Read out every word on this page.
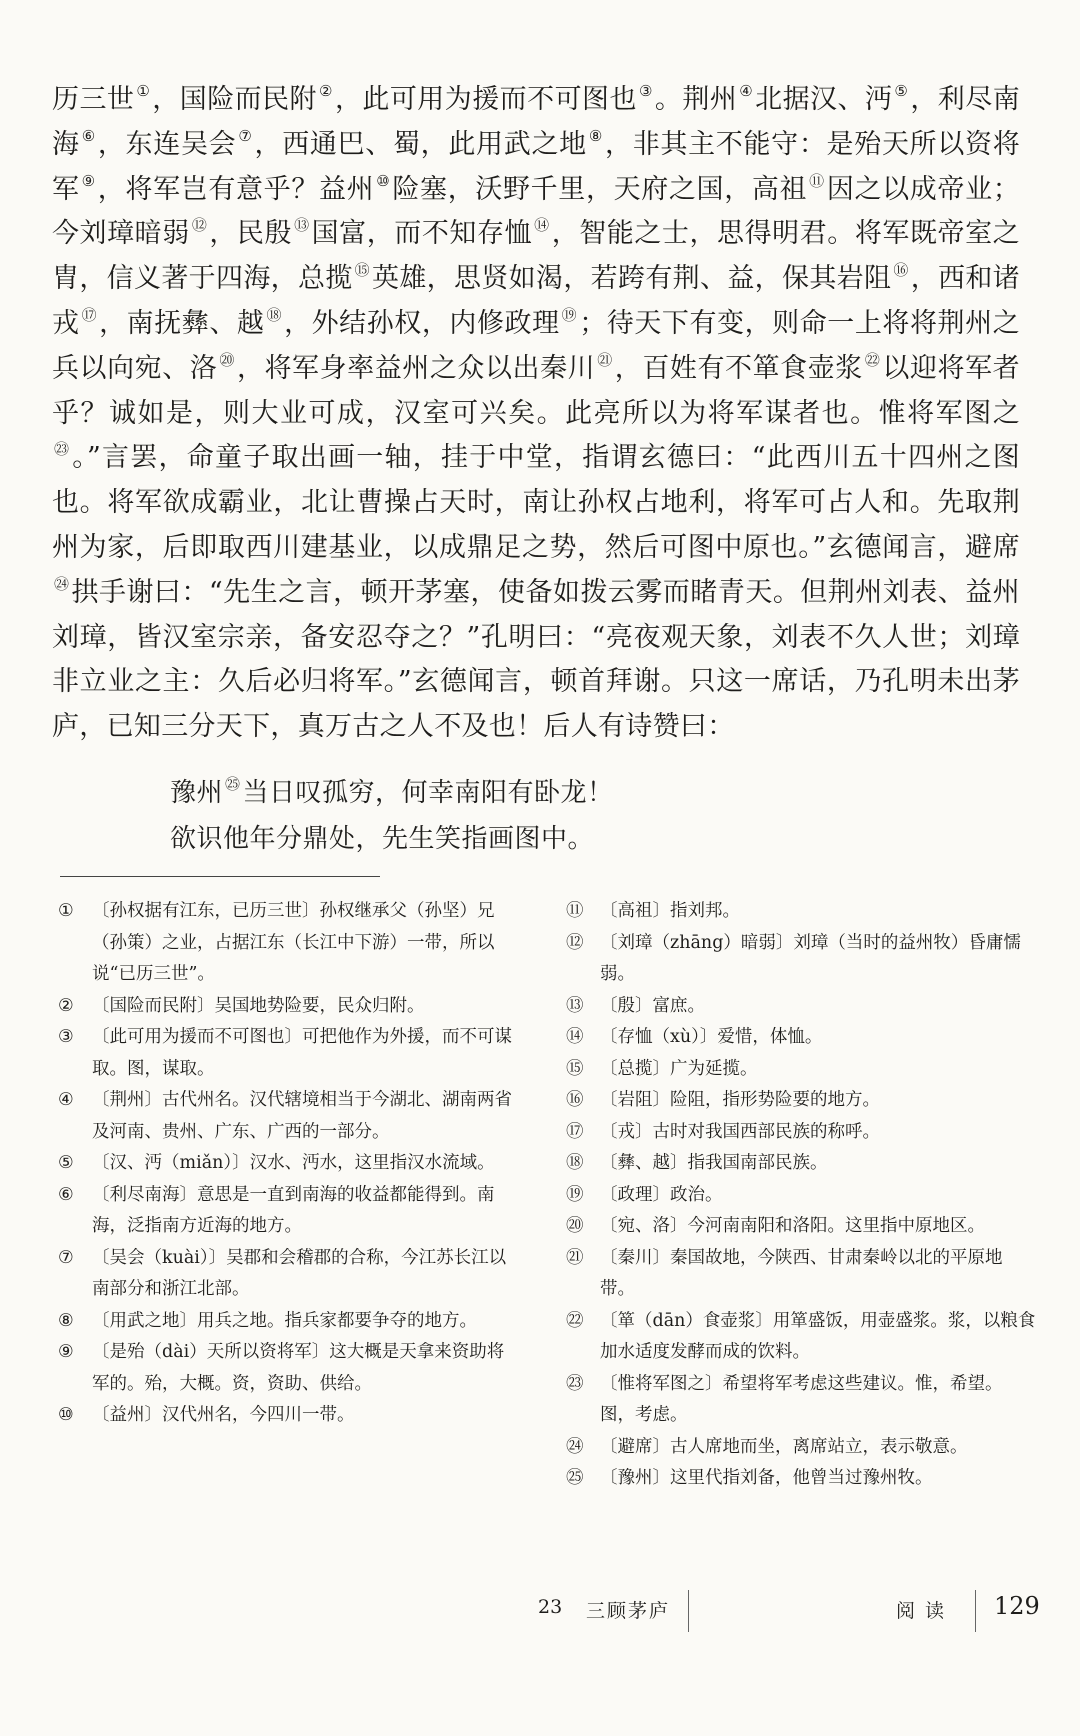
历三世 ①，国险而民附 ②，此可用为援而不可图也 ③。荆州 ④北据汉、沔 ⑤，利尽南海 ⑥，东连吴会 ⑦，西通巴、蜀，此用武之地 ⑧，非其主不能守：是殆天所以资将军 ⑨，将军岂有意乎？益州 ⑩险塞，沃野千里，天府之国，高祖 ⑪因之以成帝业；今刘璋暗弱 ⑫，民殷 ⑬国富，而不知存恤 ⑭，智能之士，思得明君。将军既帝室之胄，信义著于四海，总揽 ⑮英雄，思贤如渴，若跨有荆、益，保其岩阻 ⑯，西和诸戎 ⑰，南抚彝、越 ⑱，外结孙权，内修政理 ⑲；待天下有变，则命一上将将荆州之兵以向宛、洛 ⑳，将军身率益州之众以出秦川 $^㉑$，百姓有不箪食壶浆 $^㉒$以迎将军者乎？诚如是，则大业可成，汉室可兴矣。此亮所以为将军谋者也。惟将军图之$^㉓$。”言罢，命童子取出画一轴，挂于中堂，指谓玄德曰：“此西川五十四州之图也。将军欲成霸业，北让曹操占天时，南让孙权占地利，将军可占人和。先取荆州为家，后即取西川建基业，以成鼎足之势，然后可图中原也。”玄德闻言，避席$^㉔$拱手谢曰：“先生之言，顿开茅塞，使备如拨云雾而睹青天。但荆州刘表、益州刘璋，皆汉室宗亲，备安忍夺之？”孔明曰：“亮夜观天象，刘表不久人世；刘璋非立业之主：久后必归将军。”玄德闻言，顿首拜谢。只这一席话，乃孔明未出茅庐，已知三分天下，真万古之人不及也！后人有诗赞曰：

豫州 $^㉕$当日叹孤穷，何幸南阳有卧龙！
欲识他年分鼎处，先生笑指画图中。
① 〔孙权据有江东，已历三世〕孙权继承父（孙坚）兄（孙策）之业，占据江东（长江中下游）一带，所以说“已历三世”。
② 〔国险而民附〕吴国地势险要，民众归附。
③ 〔此可用为援而不可图也〕可把他作为外援，而不可谋取。图，谋取。
④ 〔荆州〕古代州名。汉代辖境相当于今湖北、湖南两省及河南、贵州、广东、广西的一部分。
⑤ 〔汉、沔（miǎn）〕汉水、沔水，这里指汉水流域。
⑥ 〔利尽南海〕意思是一直到南海的收益都能得到。南海，泛指南方近海的地方。
⑦ 〔吴会（kuài）〕吴郡和会稽郡的合称，今江苏长江以南部分和浙江北部。
⑧ 〔用武之地〕用兵之地。指兵家都要争夺的地方。
⑨ 〔是殆（dài）天所以资将军〕这大概是天拿来资助将军的。殆，大概。资，资助、供给。
⑩ 〔益州〕汉代州名，今四川一带。
⑪ 〔高祖〕指刘邦。
⑫ 〔刘璋（zhāng）暗弱〕刘璋（当时的益州牧）昏庸懦弱。
⑬ 〔殷〕富庶。
⑭ 〔存恤（xù）〕爱惜，体恤。
⑮ 〔总揽〕广为延揽。
⑯ 〔岩阻〕险阻，指形势险要的地方。
⑰ 〔戎〕古时对我国西部民族的称呼。
⑱ 〔彝、越〕指我国南部民族。
⑲ 〔政理〕政治。
⑳ 〔宛、洛〕今河南南阳和洛阳。这里指中原地区。
㉑ 〔秦川〕秦国故地，今陕西、甘肃秦岭以北的平原地带。
㉒ 〔箪（dān）食壶浆〕用箪盛饭，用壶盛浆。浆，以粮食加水适度发酵而成的饮料。
㉓ 〔惟将军图之〕希望将军考虑这些建议。惟，希望。图，考虑。
㉔ 〔避席〕古人席地而坐，离席站立，表示敬意。
㉕ 〔豫州〕这里代指刘备，他曾当过豫州牧。
23 三顾茅庐	阅读 129
